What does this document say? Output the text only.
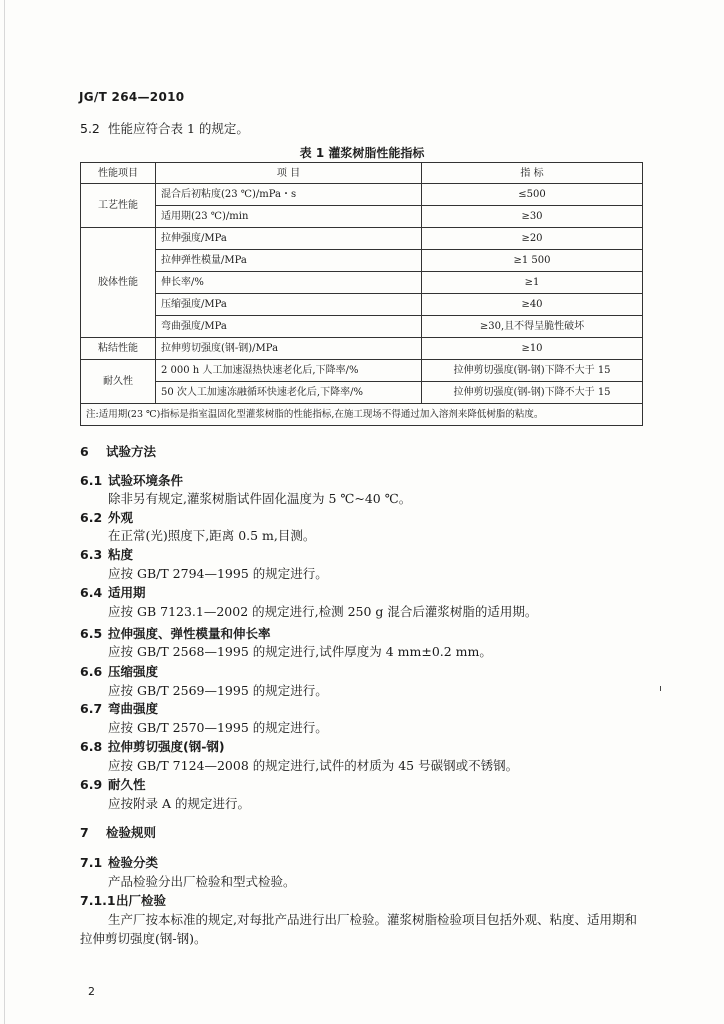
JG/T 264—2010
5.2 性能应符合表 1 的规定。
表 1 灌浆树脂性能指标
性能项目	项 目	指 标
工艺性能	混合后初粘度(23 ℃)/mPa・s	≤500
	适用期(23 ℃)/min	≥30
胶体性能	拉伸强度/MPa	≥20
	拉伸弹性模量/MPa	≥1 500
	伸长率/%	≥1
	压缩强度/MPa	≥40
	弯曲强度/MPa	≥30,且不得呈脆性破坏
粘结性能	拉伸剪切强度(钢-钢)/MPa	≥10
耐久性	2 000 h 人工加速湿热快速老化后,下降率/%	拉伸剪切强度(钢-钢)下降不大于 15
	50 次人工加速冻融循环快速老化后,下降率/%	拉伸剪切强度(钢-钢)下降不大于 15
注:适用期(23 ℃)指标是指室温固化型灌浆树脂的性能指标,在施工现场不得通过加入溶剂来降低树脂的粘度。		
6 试验方法
6.1 试验环境条件
除非另有规定,灌浆树脂试件固化温度为 5 ℃~40 ℃。
6.2 外观
在正常(光)照度下,距离 0.5 m,目测。
6.3 粘度
应按 GB/T 2794—1995 的规定进行。
6.4 适用期
应按 GB 7123.1—2002 的规定进行,检测 250 g 混合后灌浆树脂的适用期。
6.5 拉伸强度、弹性模量和伸长率
应按 GB/T 2568—1995 的规定进行,试件厚度为 4 mm±0.2 mm。
6.6 压缩强度
应按 GB/T 2569—1995 的规定进行。
6.7 弯曲强度
应按 GB/T 2570—1995 的规定进行。
6.8 拉伸剪切强度(钢-钢)
应按 GB/T 7124—2008 的规定进行,试件的材质为 45 号碳钢或不锈钢。
6.9 耐久性
应按附录 A 的规定进行。
7 检验规则
7.1 检验分类
产品检验分出厂检验和型式检验。
7.1.1出厂检验
生产厂按本标准的规定,对每批产品进行出厂检验。灌浆树脂检验项目包括外观、粘度、适用期和
拉伸剪切强度(钢-钢)。
2
